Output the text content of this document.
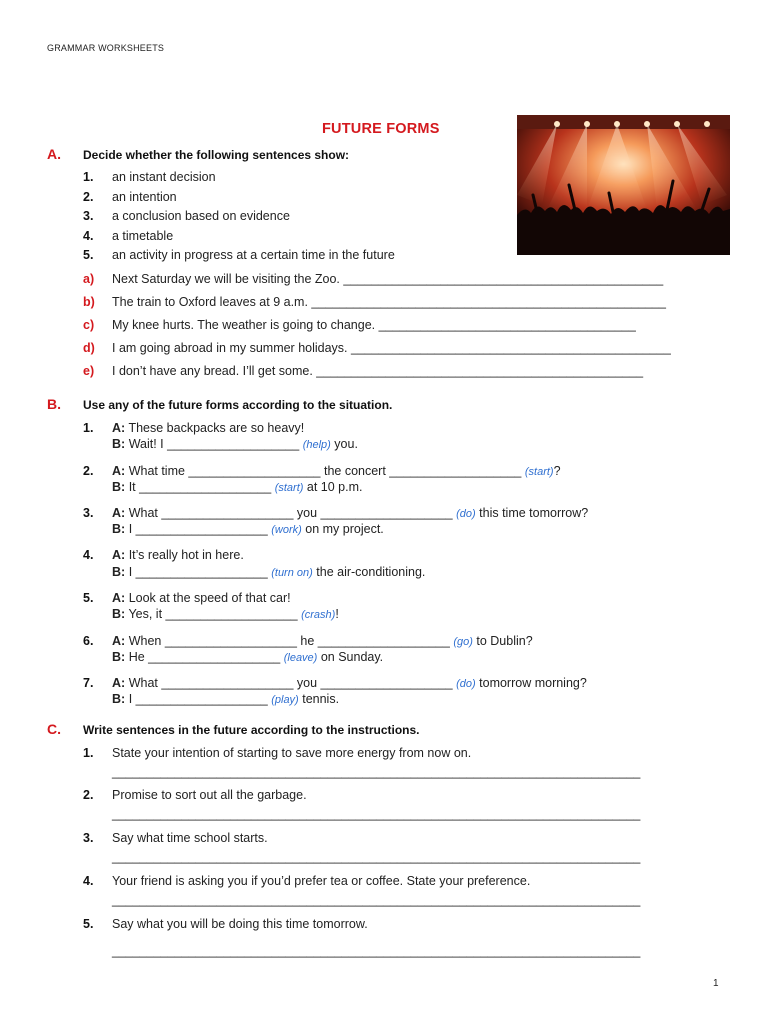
GRAMMAR WORKSHEETS
FUTURE FORMS
A. Decide whether the following sentences show:
1. an instant decision
2. an intention
3. a conclusion based on evidence
4. a timetable
5. an activity in progress at a certain time in the future
a) Next Saturday we will be visiting the Zoo. ______________________________________________
b) The train to Oxford leaves at 9 a.m. ___________________________________________________
c) My knee hurts. The weather is going to change. _____________________________________
d) I am going abroad in my summer holidays. ______________________________________________
e) I don’t have any bread. I’ll get some. _______________________________________________
B. Use any of the future forms according to the situation.
1. A: These backpacks are so heavy!
B: Wait! I ___________________ (help) you.
2. A: What time ___________________ the concert ___________________ (start)?
B: It ___________________ (start) at 10 p.m.
3. A: What ___________________ you ___________________ (do) this time tomorrow?
B: I ___________________ (work) on my project.
4. A: It’s really hot in here.
B: I ___________________ (turn on) the air-conditioning.
5. A: Look at the speed of that car!
B: Yes, it ___________________ (crash)!
6. A: When ___________________ he ___________________ (go) to Dublin?
B: He ___________________ (leave) on Sunday.
7. A: What ___________________ you ___________________ (do) tomorrow morning?
B: I ___________________ (play) tennis.
C. Write sentences in the future according to the instructions.
1. State your intention of starting to save more energy from now on.
____________________________________________________________________________
2. Promise to sort out all the garbage.
____________________________________________________________________________
3. Say what time school starts.
____________________________________________________________________________
4. Your friend is asking you if you’d prefer tea or coffee. State your preference.
____________________________________________________________________________
5. Say what you will be doing this time tomorrow.
____________________________________________________________________________
1
